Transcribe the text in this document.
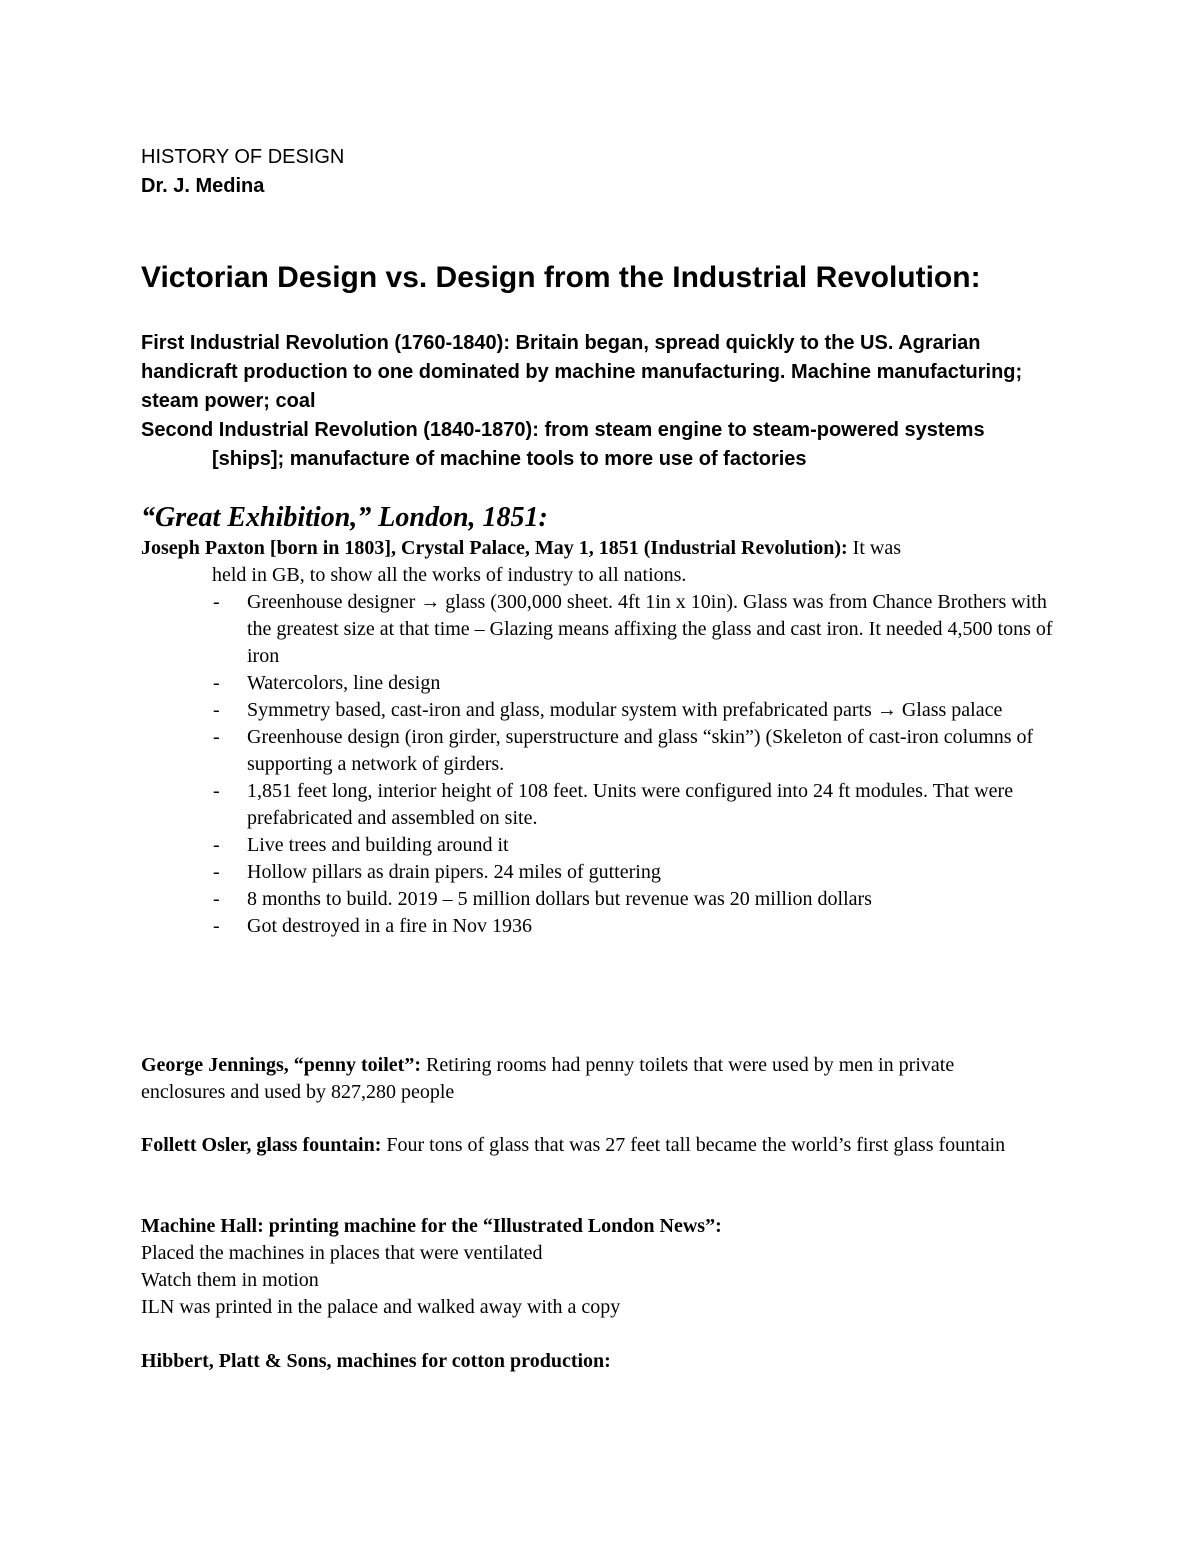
HISTORY OF DESIGN
Dr. J. Medina
Victorian Design vs. Design from the Industrial Revolution:

First Industrial Revolution (1760-1840): Britain began, spread quickly to the US. Agrarian handicraft production to one dominated by machine manufacturing. Machine manufacturing; steam power; coal

Second Industrial Revolution (1840-1870): from steam engine to steam-powered systems
[ships]; manufacture of machine tools to more use of factories

“Great Exhibition,” London, 1851:

Joseph Paxton [born in 1803], Crystal Palace, May 1, 1851 (Industrial Revolution): It was
held in GB, to show all the works of industry to all nations.

- Greenhouse designer → glass (300,000 sheet. 4ft 1in x 10in). Glass was from Chance Brothers with the greatest size at that time – Glazing means affixing the glass and cast iron. It needed 4,500 tons of iron
- Watercolors, line design
- Symmetry based, cast-iron and glass, modular system with prefabricated parts → Glass palace
- Greenhouse design (iron girder, superstructure and glass “skin”) (Skeleton of cast-iron columns of supporting a network of girders.
- 1,851 feet long, interior height of 108 feet. Units were configured into 24 ft modules. That were prefabricated and assembled on site.
- Live trees and building around it
- Hollow pillars as drain pipers. 24 miles of guttering
- 8 months to build. 2019 – 5 million dollars but revenue was 20 million dollars
- Got destroyed in a fire in Nov 1936

George Jennings, “penny toilet”: Retiring rooms had penny toilets that were used by men in private enclosures and used by 827,280 people

Follett Osler, glass fountain: Four tons of glass that was 27 feet tall became the world’s first glass fountain

Machine Hall: printing machine for the “Illustrated London News”:

Placed the machines in places that were ventilated

Watch them in motion

ILN was printed in the palace and walked away with a copy

Hibbert, Platt & Sons, machines for cotton production:
